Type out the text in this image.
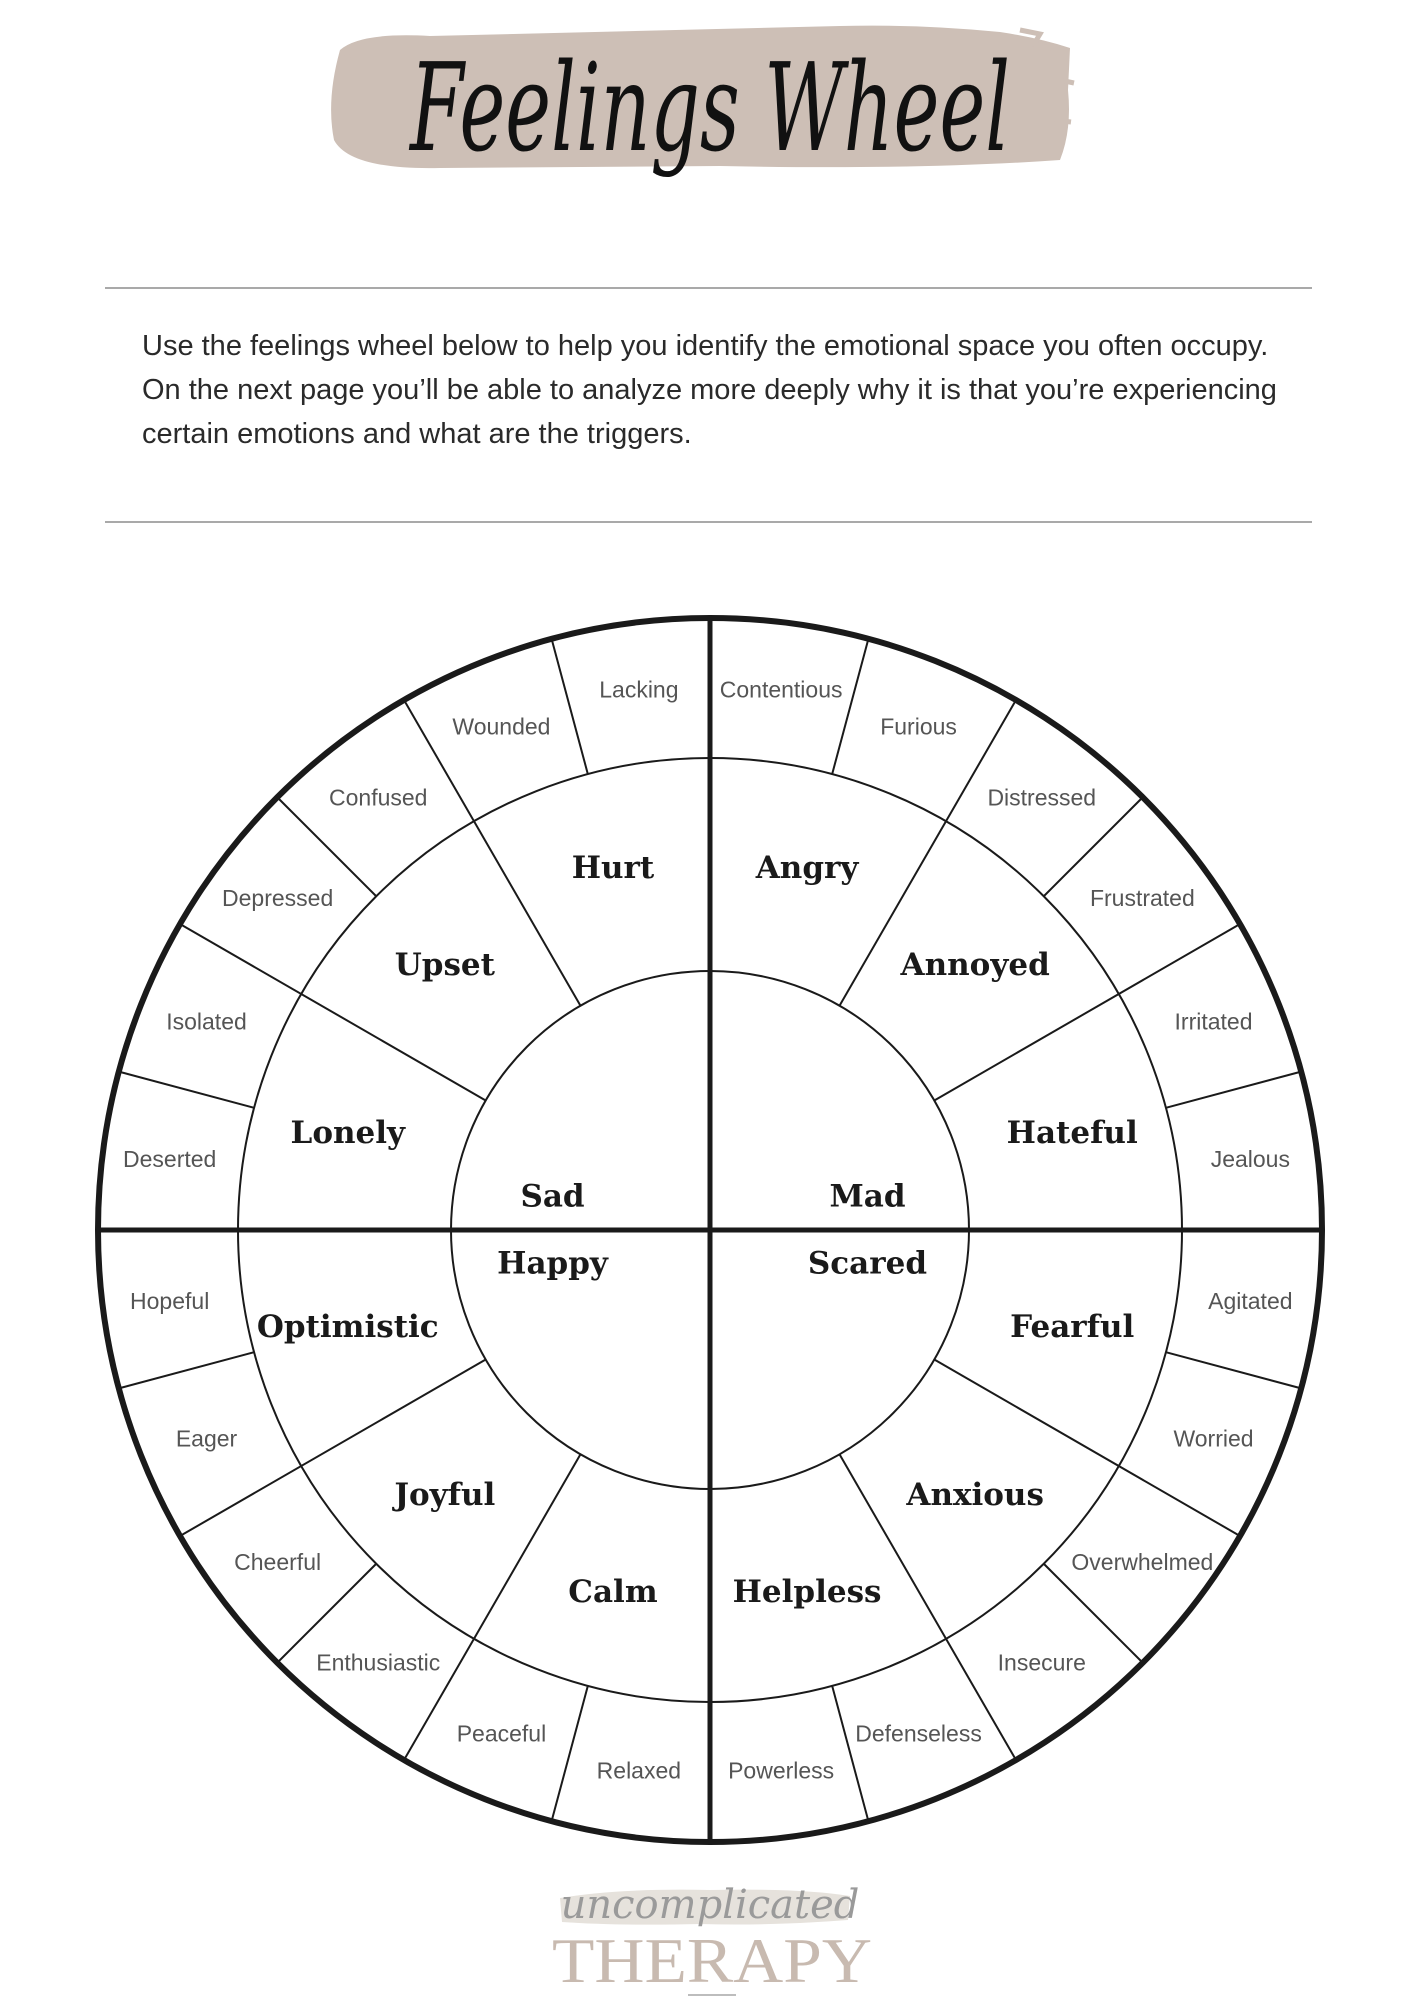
Feelings Wheel
Use the feelings wheel below to help you identify the emotional space you often occupy. On the next page you’ll be able to analyze more deeply why it is that you’re experiencing certain emotions and what are the triggers.
Mad
Scared
Happy
Sad
Angry
Annoyed
Hateful
Fearful
Anxious
Helpless
Calm
Joyful
Optimistic
Lonely
Upset
Hurt
Contentious
Furious
Distressed
Frustrated
Irritated
Jealous
Agitated
Worried
Overwhelmed
Insecure
Defenseless
Powerless
Relaxed
Peaceful
Enthusiastic
Cheerful
Eager
Hopeful
Deserted
Isolated
Depressed
Confused
Wounded
Lacking
uncomplicated
THERAPY
